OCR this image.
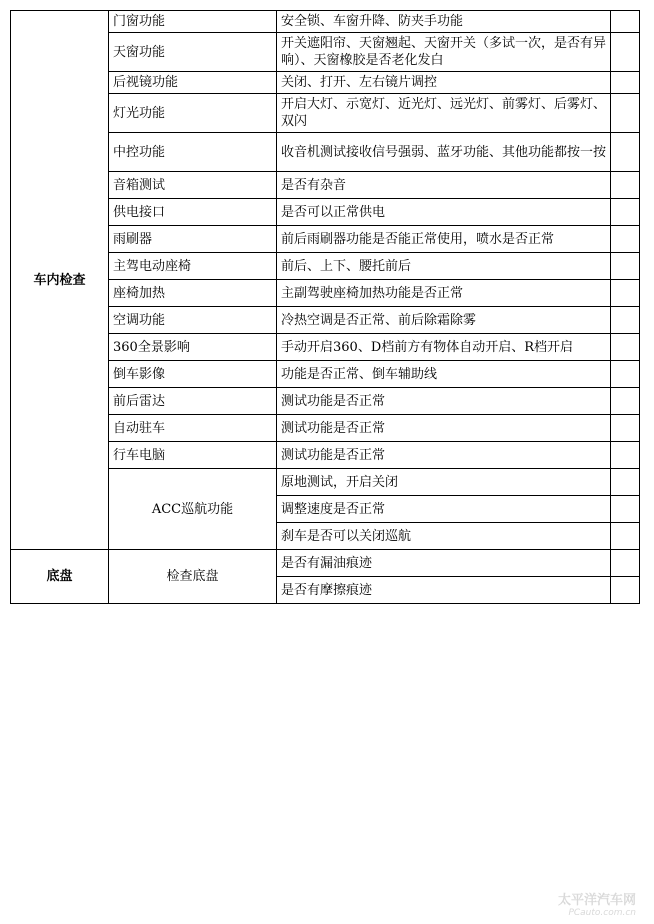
车内检查	门窗功能	安全锁、车窗升降、防夹手功能	
	天窗功能	开关遮阳帘、天窗翘起、天窗开关（多试一次，是否有异响）、天窗橡胶是否老化发白	
	后视镜功能	关闭、打开、左右镜片调控	
	灯光功能	开启大灯、示宽灯、近光灯、远光灯、前雾灯、后雾灯、双闪	
	中控功能	收音机测试接收信号强弱、蓝牙功能、其他功能都按一按	
	音箱测试	是否有杂音	
	供电接口	是否可以正常供电	
	雨刷器	前后雨刷器功能是否能正常使用，喷水是否正常	
	主驾电动座椅	前后、上下、腰托前后	
	座椅加热	主副驾驶座椅加热功能是否正常	
	空调功能	冷热空调是否正常、前后除霜除雾	
	360全景影响	手动开启360、D档前方有物体自动开启、R档开启	
	倒车影像	功能是否正常、倒车辅助线	
	前后雷达	测试功能是否正常	
	自动驻车	测试功能是否正常	
	行车电脑	测试功能是否正常	
	ACC巡航功能	原地测试，开启关闭	
		调整速度是否正常	
		刹车是否可以关闭巡航	
底盘	检查底盘	是否有漏油痕迹	
		是否有摩擦痕迹	
太平洋汽车网
PCauto.com.cn
